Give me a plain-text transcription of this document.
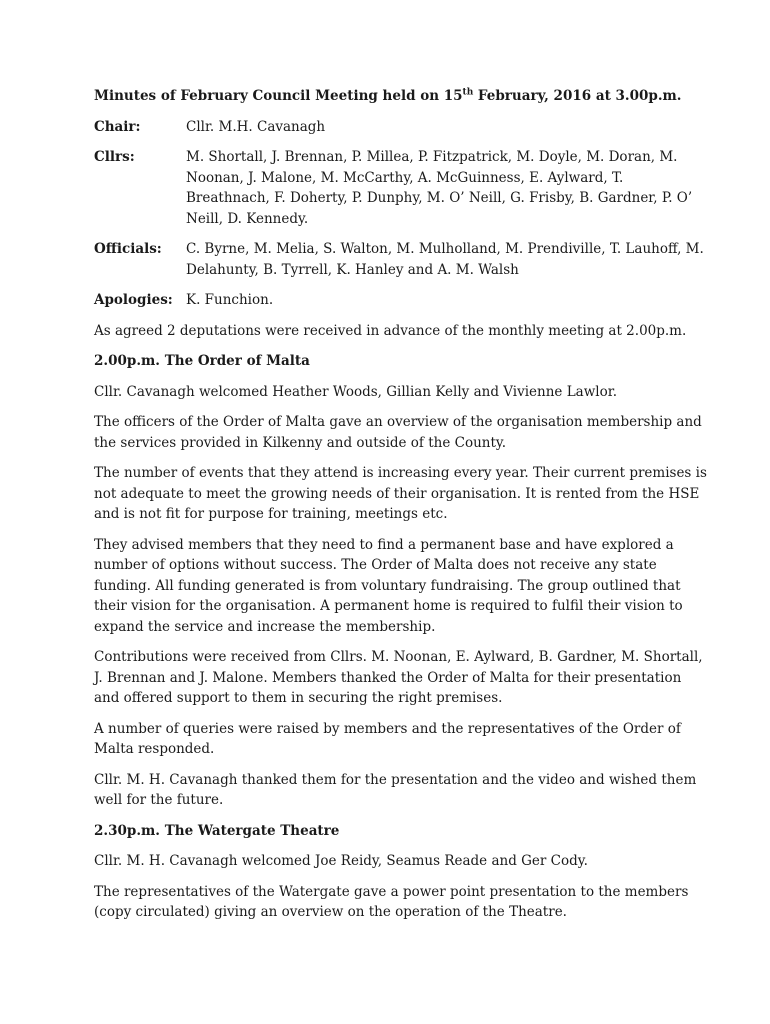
Minutes of February Council Meeting held on 15th February, 2016 at 3.00p.m.
Chair:	Cllr. M.H. Cavanagh
Cllrs:	M. Shortall, J. Brennan, P. Millea, P. Fitzpatrick, M. Doyle, M. Doran, M. Noonan, J. Malone, M. McCarthy, A. McGuinness, E. Aylward, T. Breathnach, F. Doherty, P. Dunphy, M. O’ Neill, G. Frisby, B. Gardner, P. O’ Neill, D. Kennedy.
Officials:	C. Byrne, M. Melia, S. Walton, M. Mulholland, M. Prendiville, T. Lauhoff, M. Delahunty, B. Tyrrell, K. Hanley and A. M. Walsh
Apologies: K. Funchion.

As agreed 2 deputations were received in advance of the monthly meeting at 2.00p.m.

2.00p.m. The Order of Malta

Cllr. Cavanagh welcomed Heather Woods, Gillian Kelly and Vivienne Lawlor.

The officers of the Order of Malta gave an overview of the organisation membership and the services provided in Kilkenny and outside of the County.

The number of events that they attend is increasing every year. Their current premises is not adequate to meet the growing needs of their organisation. It is rented from the HSE and is not fit for purpose for training, meetings etc.

They advised members that they need to find a permanent base and have explored a number of options without success. The Order of Malta does not receive any state funding. All funding generated is from voluntary fundraising. The group outlined that their vision for the organisation. A permanent home is required to fulfil their vision to expand the service and increase the membership.

Contributions were received from Cllrs. M. Noonan, E. Aylward, B. Gardner, M. Shortall, J. Brennan and J. Malone. Members thanked the Order of Malta for their presentation and offered support to them in securing the right premises.

A number of queries were raised by members and the representatives of the Order of Malta responded.

Cllr. M. H. Cavanagh thanked them for the presentation and the video and wished them well for the future.

2.30p.m. The Watergate Theatre

Cllr. M. H. Cavanagh welcomed Joe Reidy, Seamus Reade and Ger Cody.

The representatives of the Watergate gave a power point presentation to the members (copy circulated) giving an overview on the operation of the Theatre.
